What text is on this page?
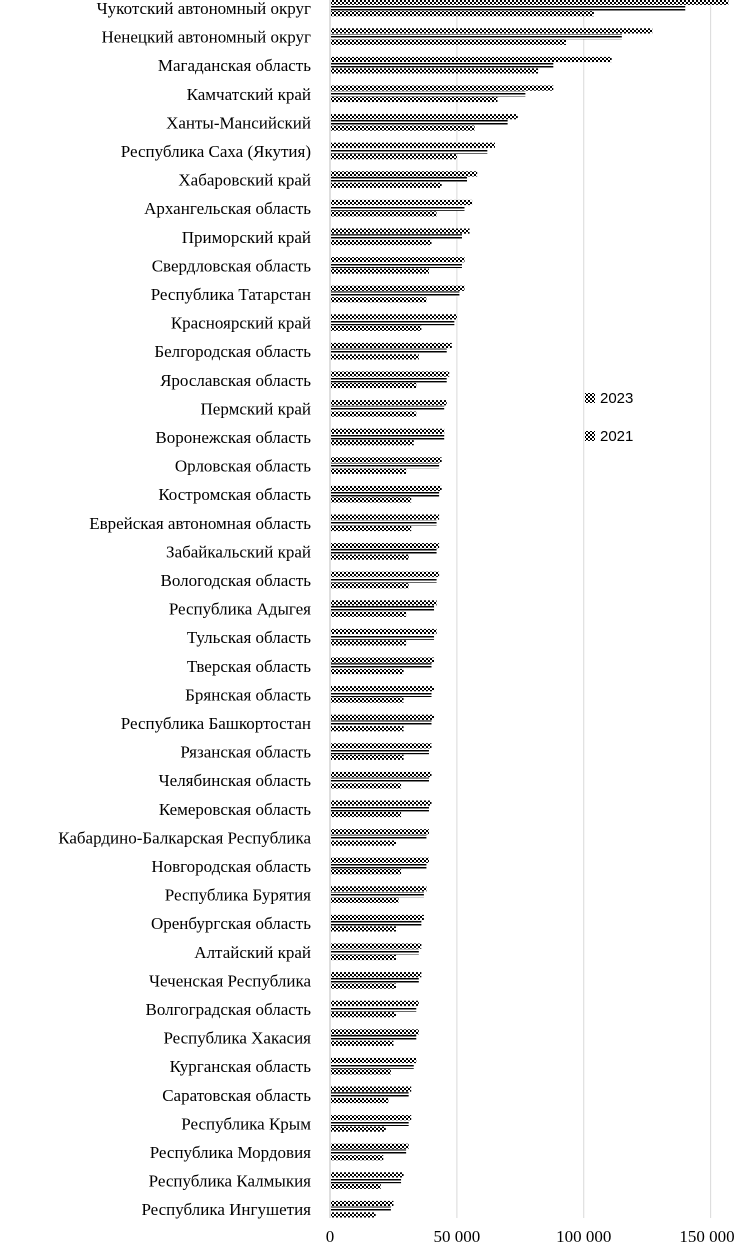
Чукотский автономный округ
Ненецкий автономный округ
Магаданская область
Камчатский край
Ханты-Мансийский
Республика Саха (Якутия)
Хабаровский край
Архангельская область
Приморский край
Свердловская область
Республика Татарстан
Красноярский край
Белгородская область
Ярославская область
Пермский край
Воронежская область
Орловская область
Костромская область
Еврейская автономная область
Забайкальский край
Вологодская область
Республика Адыгея
Тульская область
Тверская область
Брянская область
Республика Башкортостан
Рязанская область
Челябинская область
Кемеровская область
Кабардино-Балкарская Республика
Новгородская область
Республика Бурятия
Оренбургская область
Алтайский край
Чеченская Республика
Волгоградская область
Республика Хакасия
Курганская область
Саратовская область
Республика Крым
Республика Мордовия
Республика Калмыкия
Республика Ингушетия
0	50 000	100 000	150 000
2023
2021
